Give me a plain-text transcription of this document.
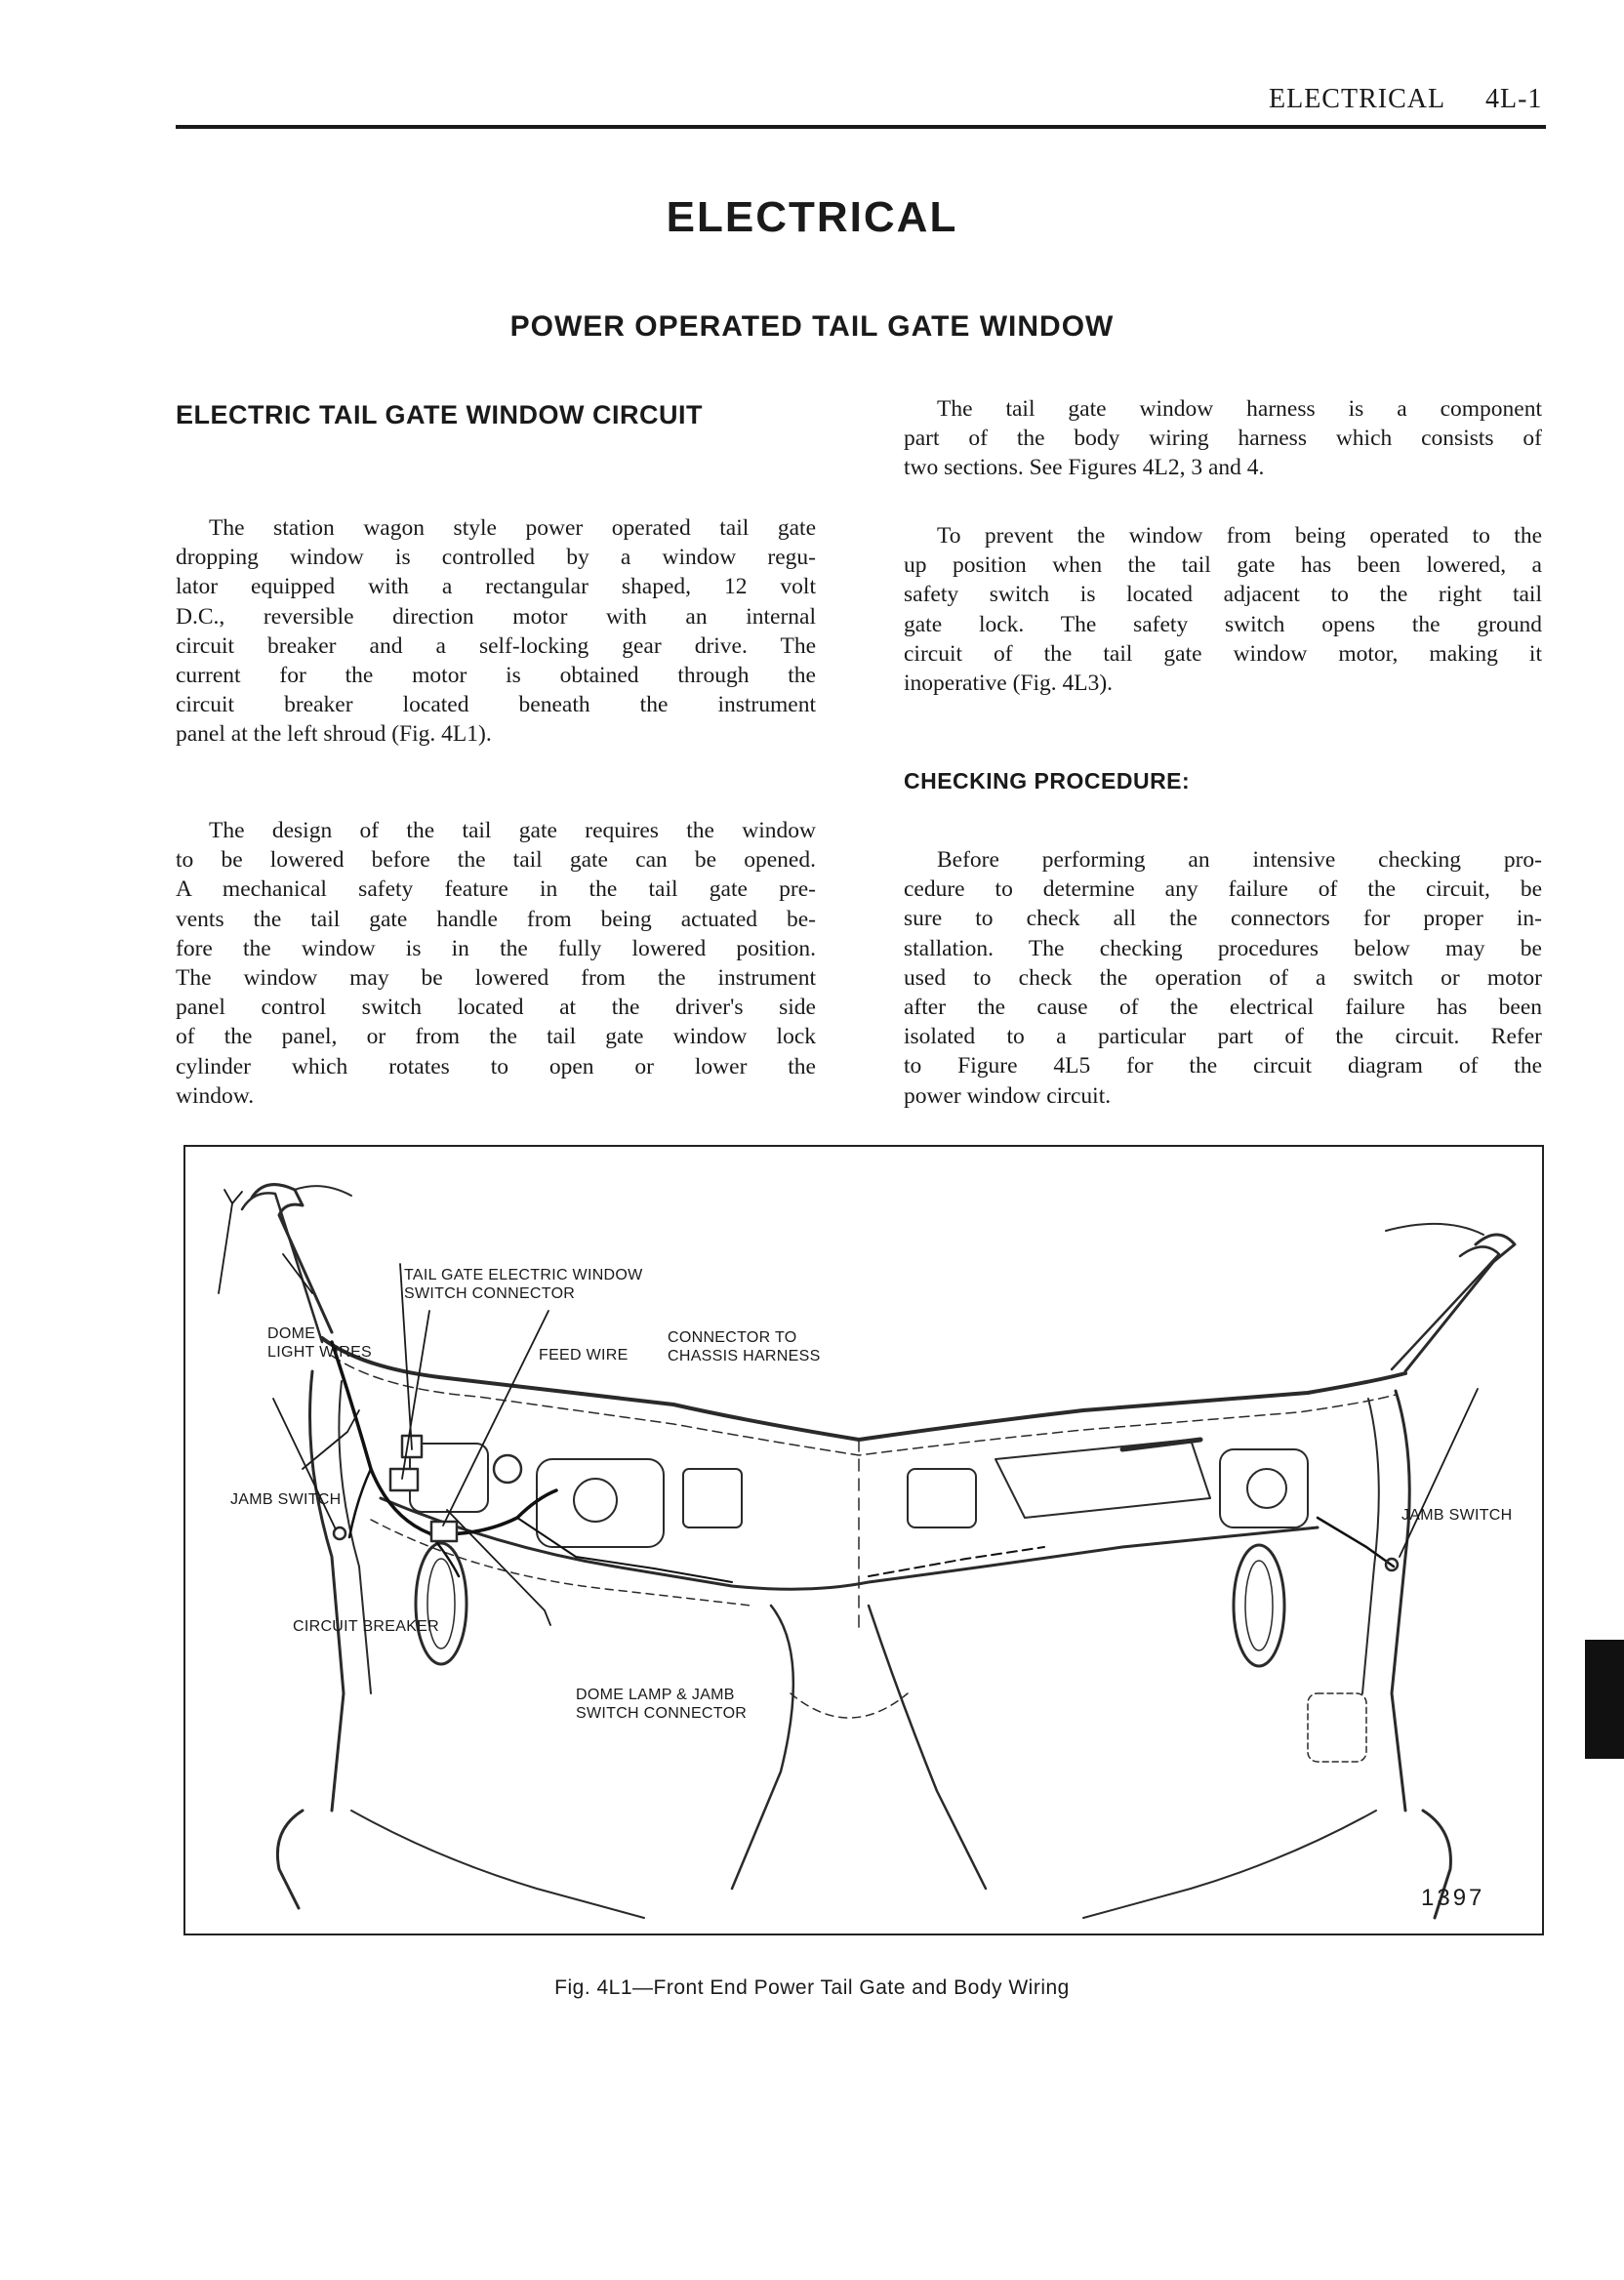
ELECTRICAL 4L-1
ELECTRICAL
POWER OPERATED TAIL GATE WINDOW
ELECTRIC TAIL GATE WINDOW CIRCUIT

The station wagon style power operated tail gate
dropping window is controlled by a window regu-
lator equipped with a rectangular shaped, 12 volt
D.C., reversible direction motor with an internal
circuit breaker and a self-locking gear drive. The
current for the motor is obtained through the
circuit breaker located beneath the instrument
panel at the left shroud (Fig. 4L1).

The design of the tail gate requires the window
to be lowered before the tail gate can be opened.
A mechanical safety feature in the tail gate pre-
vents the tail gate handle from being actuated be-
fore the window is in the fully lowered position.
The window may be lowered from the instrument
panel control switch located at the driver's side
of the panel, or from the tail gate window lock
cylinder which rotates to open or lower the
window.

The tail gate window harness is a component
part of the body wiring harness which consists of
two sections. See Figures 4L2, 3 and 4.

To prevent the window from being operated to the
up position when the tail gate has been lowered, a
safety switch is located adjacent to the right tail
gate lock. The safety switch opens the ground
circuit of the tail gate window motor, making it
inoperative (Fig. 4L3).

CHECKING PROCEDURE:

Before performing an intensive checking pro-
cedure to determine any failure of the circuit, be
sure to check all the connectors for proper in-
stallation. The checking procedures below may be
used to check the operation of a switch or motor
after the cause of the electrical failure has been
isolated to a particular part of the circuit. Refer
to Figure 4L5 for the circuit diagram of the
power window circuit.

DOME
LIGHT WIRES
TAIL GATE ELECTRIC WINDOW
SWITCH CONNECTOR
FEED WIRE
CONNECTOR TO
CHASSIS HARNESS
JAMB SWITCH
CIRCUIT BREAKER
DOME LAMP & JAMB
SWITCH CONNECTOR
JAMB SWITCH
1397
Fig. 4L1—Front End Power Tail Gate and Body Wiring
